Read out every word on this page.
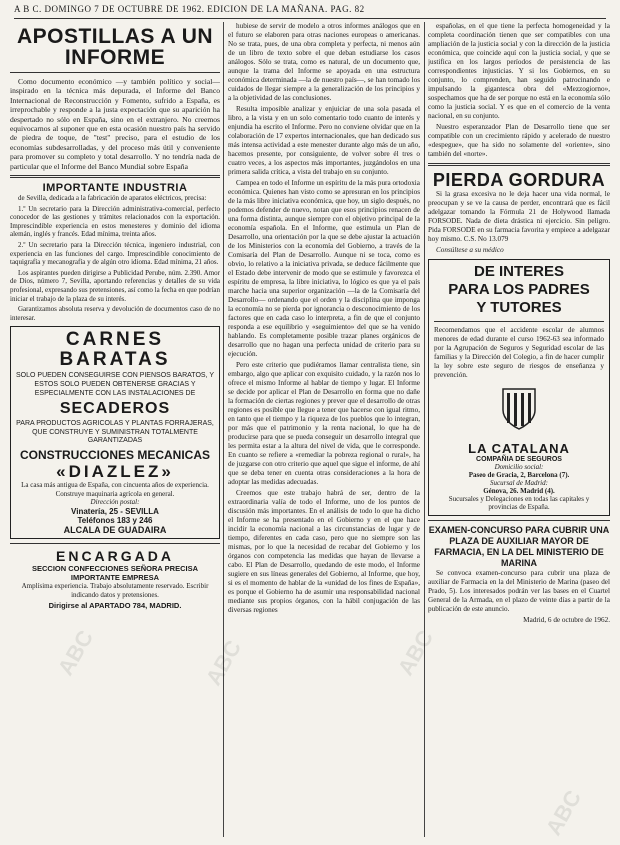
A B C. DOMINGO 7 DE OCTUBRE DE 1962. EDICION DE LA MAÑANA. PAG. 82
APOSTILLAS A UN INFORME

Como documento económico —y también político y social— inspirado en la técnica más depurada, el Informe del Banco Internacional de Reconstrucción y Fomento, sufrido a España, es irreprochable y responde a la justa expectación que su aparición ha despertado no sólo en España, sino en el extranjero. No creemos equivocarnos al suponer que en esta ocasión nuestro país ha servido de piedra de toque, de "test" preciso, para el estudio de los economías subdesarrolladas, y del proceso más útil y conveniente para promover su completo y total desarrollo. Y no tendría nada de particular que el Informe del Banco Mundial sobre España

IMPORTANTE INDUSTRIA

de Sevilla, dedicada a la fabricación de aparatos eléctricos, precisa:

1.º Un secretario para la Dirección administrativa-comercial, perfecto conocedor de las gestiones y trámites relacionados con la exportación. Imprescindible experiencia en estos menesteres y dominio del idioma alemán, inglés y francés. Edad mínima, treinta años.

2.º Un secretario para la Dirección técnica, ingeniero industrial, con experiencia en las funciones del cargo. Imprescindible conocimiento de taquigrafía y mecanografía y de algún otro idioma. Edad mínima, 21 años.

Los aspirantes pueden dirigirse a Publicidad Perube, núm. 2.390. Amor de Dios, número 7, Sevilla, aportando referencias y detalles de su vida profesional, expresando sus pretensiones, así como la fecha en que podrían iniciar el trabajo de la plaza de su interés.

Garantizamos absoluta reserva y devolución de documentos caso de no interesar.

CARNES
BARATAS
SOLO PUEDEN CONSEGUIRSE CON PIENSOS BARATOS, Y ESTOS SOLO PUEDEN OBTENERSE GRACIAS Y ESPECIALMENTE CON LAS INSTALACIONES DE
SECADEROS
PARA PRODUCTOS AGRICOLAS Y PLANTAS FORRAJERAS, QUE CONSTRUYE Y SUMINISTRAN TOTALMENTE GARANTIZADAS
CONSTRUCCIONES MECANICAS
«DIAZLEZ»
La casa más antigua de España, con cincuenta años de experiencia. Construye maquinaria agrícola en general.
Dirección postal:
Vinatería, 25 - SEVILLA
Teléfonos 183 y 246
ALCALA DE GUADAIRA
ENCARGADA
SECCION CONFECCIONES SEÑORA PRECISA IMPORTANTE EMPRESA

Amplísima experiencia. Trabajo absolutamente reservado. Escribir indicando datos y pretensiones.

Dirigirse al APARTADO 784, MADRID.

hubiese de servir de modelo a otros informes análogos que en el futuro se elaboren para otras naciones europeas o americanas. No se trata, pues, de una obra completa y perfecta, ni menos aún de un libro de texto sobre el que deban estudiarse los casos análogos. Sólo se trata, como es natural, de un documento que, aunque la trama del Informe se apoyada en una estructura económica determinada —la de nuestro país—, se han tomado los cuidados de llegar siempre a la generalización de los principios y a la objetividad de las conclusiones.

Resulta imposible analizar y enjuiciar de una sola pasada el libro, a la vista y en un solo comentario todo cuanto de interés y enjundia ha escrito el Informe. Pero no conviene olvidar que en la colaboración de 17 expertos internacionales, que han dedicado sus más intensa actividad a este menester durante algo más de un año, hacemos presente, por consiguiente, de volver sobre él tres o cuatro veces, a los aspectos más importantes, juzgándolos en una primera salida crítica, a vista del trabajo en su conjunto.

Campea en todo el Informe un espíritu de la más pura ortodoxia económica. Quienes han visto como se apresuran en los principios de la más libre iniciativa económica, que hoy, un siglo después, no podemos defender de nuevo, notan que esos principios renacen de una forma distinta, aunque siempre con el objetivo principal de la economía española. En el Informe, que estimula un Plan de Desarrollo, una orientación por la que se debe ajustar la actuación de los Ministerios con la economía del Gobierno, a través de la Comisaría del Plan de Desarrollo. Aunque ni se toca, como es obvio, lo relativo a la iniciativa privada, se deduce fácilmente que el Estado debe intervenir de modo que se estimule y favorezca el espíritu de empresa, la libre iniciativa, lo lógico es que ya el país marche hacia una superior organización —la de la Comisaría del Desarrollo— ordenando que el orden y la disciplina que imponga la economía no se pierda por ignorancia o desconocimiento de los factores que en cada caso lo interpreta, a fin de que el conjunto responda a ese equilibrio y «seguimiento» del que se ha venido hablando. Es completamente posible trazar planes orgánicos de desarrollo que no hagan una perfecta unidad de criterio para su ejecución.

Pero este criterio que pudiéramos llamar centralista tiene, sin embargo, algo que aplicar con exquisito cuidado, y la razón nos lo ofrece el mismo Informe al hablar de tiempo y lugar. El Informe se decide por aplicar el Plan de Desarrollo en forma que no dañe la formación de ciertas regiones y prever que el desarrollo de otras regiones es posible que llegue a tener que hacerse con igual ritmo, en tanto que el tiempo y la riqueza de los pueblos que lo integran, por más que el patrimonio y la renta nacional, lo que ha de producirse para que se pueda conseguir un desarrollo integral que les permita estar a la altura del nivel de vida, que le corresponde. En cuanto se refiere a «remediar la pobreza regional o rural», ha de juzgarse con otro criterio que aquel que sigue el informe, de ahí que se deba tener en cuenta otras consideraciones a la hora de adoptar las medidas adecuadas.

Creemos que este trabajo habrá de ser, dentro de la extraordinaria valía de todo el Informe, uno de los puntos de discusión más importantes. En el análisis de todo lo que ha dicho el Informe se ha presentado en el Gobierno y en el que hace incidir la economía nacional a las circunstancias de lugar y de tiempo, diferentes en cada caso, pero que no siempre son las mismas, por lo que la necesidad de recabar del Gobierno y los órganos con competencia las medidas que hayan de llevarse a cabo. El Plan de Desarrollo, quedando de este modo, el Informe sugiere en sus líneas generales del Gobierno, al Informe, que hoy, si es el momento de hablar de la «unidad de los fines de España», es porque el Gobierno ha de asumir una responsabilidad nacional mediante sus propios órganos, con la hábil conjugación de las diversas regiones

españolas, en el que tiene la perfecta homogeneidad y la completa coordinación tienen que ser compatibles con una ampliación de la justicia social y con la dirección de la justicia económica, que coincide aquí con la justicia social, y que se justifica en los largos períodos de persistencia de las correspondientes injusticias. Y si los Gobiernos, en su conjunto, lo comprenden, han seguido patrocinando e impulsando la gigantesca obra del «Mezzogiorno», sospechamos que ha de ser porque no está en la economía sólo como la justicia social. Y es que en el comercio de la venta nacional, en su conjunto.

Nuestro esperanzador Plan de Desarrollo tiene que ser compatible con un crecimiento rápido y acelerado de nuestro «despegue», que ha sido no solamente del «oriente», sino también del «norte».

PIERDA GORDURA

Si la grasa excesiva no le deja hacer una vida normal, le preocupan y se ve la causa de perder, encontrará que es fácil adelgazar tomando la Fórmula 21 de Holywood llamada FORSODE. Nada de dieta drástica ni ejercicio. Sin peligro. Pida FORSODE en su farmacia favorita y empiece a adelgazar hoy mismo. C.S. No 13.079

Consúltese a su médico

DE INTERES
PARA LOS PADRES
Y TUTORES

Recomendamos que el accidente escolar de alumnos menores de edad durante el curso 1962-63 sea informado por la Agrupación de Seguros y Seguridad escolar de las familias y la Dirección del Colegio, a fin de hacer cumplir la ley sobre este seguro de riesgos de enseñanza y prevención.

LA CATALANA
COMPAÑIA DE SEGUROS
Domicilio social:
Paseo de Gracia, 2, Barcelona (7).
Sucursal de Madrid:
Génova, 26. Madrid (4).
Sucursales y Delegaciones en todas las capitales y provincias de España.
EXAMEN-CONCURSO PARA CUBRIR UNA PLAZA DE AUXILIAR MAYOR DE FARMACIA, EN LA DEL MINISTERIO DE MARINA

Se convoca examen-concurso para cubrir una plaza de auxiliar de Farmacia en la del Ministerio de Marina (paseo del Prado, 5). Los interesados podrán ver las bases en el Cuartel General de la Armada, en el plazo de veinte días a partir de la publicación de este anuncio.

Madrid, 6 de octubre de 1962.

ABC	ABC	ABC
ABC
